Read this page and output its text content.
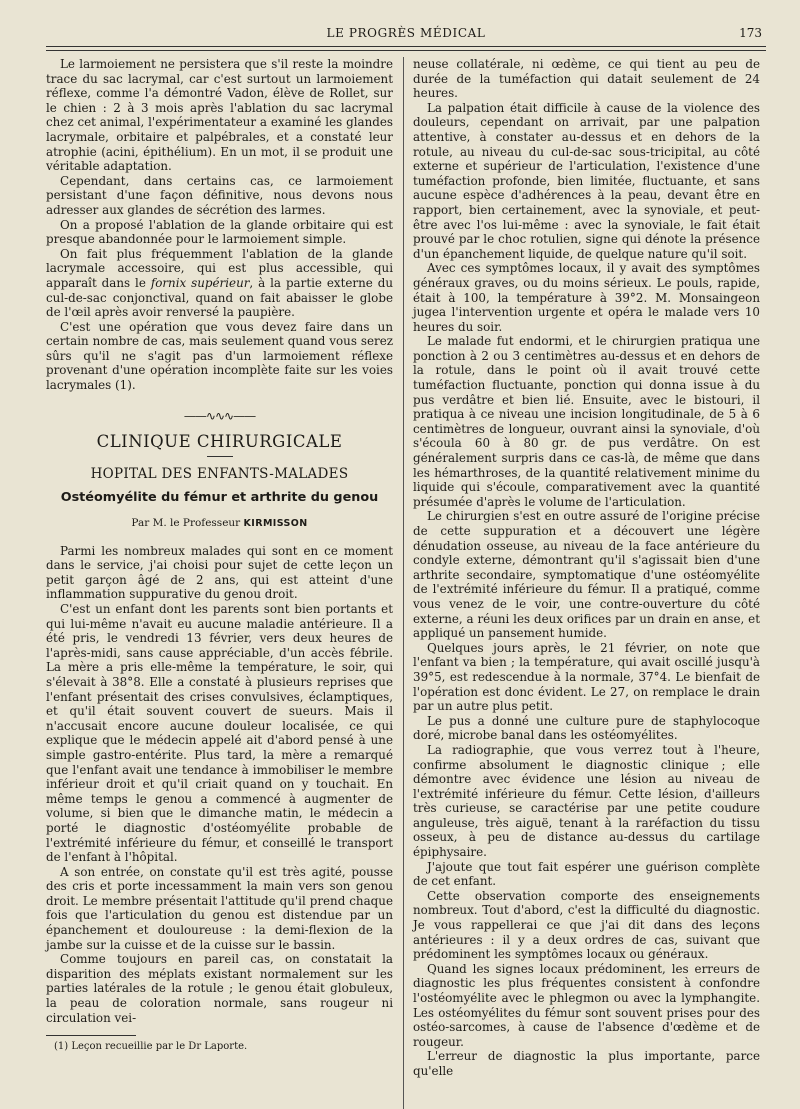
LE PROGRÈS MÉDICAL	173

Le larmoiement ne persistera que s'il reste la moindre trace du sac lacrymal, car c'est surtout un larmoiement réflexe, comme l'a démontré Vadon, élève de Rollet, sur le chien : 2 à 3 mois après l'ablation du sac lacrymal chez cet animal, l'expérimentateur a examiné les glandes lacrymale, orbitaire et palpébrales, et a constaté leur atrophie (acini, épithélium). En un mot, il se produit une véritable adaptation.

Cependant, dans certains cas, ce larmoiement persistant d'une façon définitive, nous devons nous adresser aux glandes de sécrétion des larmes.

On a proposé l'ablation de la glande orbitaire qui est presque abandonnée pour le larmoiement simple.

On fait plus fréquemment l'ablation de la glande lacrymale accessoire, qui est plus accessible, qui apparaît dans le fornix supérieur, à la partie externe du cul-de-sac conjonctival, quand on fait abaisser le globe de l'œil après avoir renversé la paupière.

C'est une opération que vous devez faire dans un certain nombre de cas, mais seulement quand vous serez sûrs qu'il ne s'agit pas d'un larmoiement réflexe provenant d'une opération incomplète faite sur les voies lacrymales (1).

——∿∿∿——
CLINIQUE CHIRURGICALE
HOPITAL DES ENFANTS-MALADES
Ostéomyélite du fémur et arthrite du genou
Par M. le Professeur KIRMISSON

Parmi les nombreux malades qui sont en ce moment dans le service, j'ai choisi pour sujet de cette leçon un petit garçon âgé de 2 ans, qui est atteint d'une inflammation suppurative du genou droit.

C'est un enfant dont les parents sont bien portants et qui lui-même n'avait eu aucune maladie antérieure. Il a été pris, le vendredi 13 février, vers deux heures de l'après-midi, sans cause appréciable, d'un accès fébrile. La mère a pris elle-même la température, le soir, qui s'élevait à 38°8. Elle a constaté à plusieurs reprises que l'enfant présentait des crises convulsives, éclamptiques, et qu'il était souvent couvert de sueurs. Mais il n'accusait encore aucune douleur localisée, ce qui explique que le médecin appelé ait d'abord pensé à une simple gastro-entérite. Plus tard, la mère a remarqué que l'enfant avait une tendance à immobiliser le membre inférieur droit et qu'il criait quand on y touchait. En même temps le genou a commencé à augmenter de volume, si bien que le dimanche matin, le médecin a porté le diagnostic d'ostéomyélite probable de l'extrémité inférieure du fémur, et conseillé le transport de l'enfant à l'hôpital.

A son entrée, on constate qu'il est très agité, pousse des cris et porte incessamment la main vers son genou droit. Le membre présentait l'attitude qu'il prend chaque fois que l'articulation du genou est distendue par un épanchement et douloureuse : la demi-flexion de la jambe sur la cuisse et de la cuisse sur le bassin.

Comme toujours en pareil cas, on constatait la disparition des méplats existant normalement sur les parties latérales de la rotule ; le genou était globuleux, la peau de coloration normale, sans rougeur ni circulation vei-

(1) Leçon recueillie par le Dr Laporte.

neuse collatérale, ni œdème, ce qui tient au peu de durée de la tuméfaction qui datait seulement de 24 heures.

La palpation était difficile à cause de la violence des douleurs, cependant on arrivait, par une palpation attentive, à constater au-dessus et en dehors de la rotule, au niveau du cul-de-sac sous-tricipital, au côté externe et supérieur de l'articulation, l'existence d'une tuméfaction profonde, bien limitée, fluctuante, et sans aucune espèce d'adhérences à la peau, devant être en rapport, bien certainement, avec la synoviale, et peut-être avec l'os lui-même : avec la synoviale, le fait était prouvé par le choc rotulien, signe qui dénote la présence d'un épanchement liquide, de quelque nature qu'il soit.

Avec ces symptômes locaux, il y avait des symptômes généraux graves, ou du moins sérieux. Le pouls, rapide, était à 100, la température à 39°2. M. Monsaingeon jugea l'intervention urgente et opéra le malade vers 10 heures du soir.

Le malade fut endormi, et le chirurgien pratiqua une ponction à 2 ou 3 centimètres au-dessus et en dehors de la rotule, dans le point où il avait trouvé cette tuméfaction fluctuante, ponction qui donna issue à du pus verdâtre et bien lié. Ensuite, avec le bistouri, il pratiqua à ce niveau une incision longitudinale, de 5 à 6 centimètres de longueur, ouvrant ainsi la synoviale, d'où s'écoula 60 à 80 gr. de pus verdâtre. On est généralement surpris dans ce cas-là, de même que dans les hémarthroses, de la quantité relativement minime du liquide qui s'écoule, comparativement avec la quantité présumée d'après le volume de l'articulation.

Le chirurgien s'est en outre assuré de l'origine précise de cette suppuration et a découvert une légère dénudation osseuse, au niveau de la face antérieure du condyle externe, démontrant qu'il s'agissait bien d'une arthrite secondaire, symptomatique d'une ostéomyélite de l'extrémité inférieure du fémur. Il a pratiqué, comme vous venez de le voir, une contre-ouverture du côté externe, a réuni les deux orifices par un drain en anse, et appliqué un pansement humide.

Quelques jours après, le 21 février, on note que l'enfant va bien ; la température, qui avait oscillé jusqu'à 39°5, est redescendue à la normale, 37°4. Le bienfait de l'opération est donc évident. Le 27, on remplace le drain par un autre plus petit.

Le pus a donné une culture pure de staphylocoque doré, microbe banal dans les ostéomyélites.

La radiographie, que vous verrez tout à l'heure, confirme absolument le diagnostic clinique ; elle démontre avec évidence une lésion au niveau de l'extrémité inférieure du fémur. Cette lésion, d'ailleurs très curieuse, se caractérise par une petite coudure anguleuse, très aiguë, tenant à la raréfaction du tissu osseux, à peu de distance au-dessus du cartilage épiphysaire.

J'ajoute que tout fait espérer une guérison complète de cet enfant.

Cette observation comporte des enseignements nombreux. Tout d'abord, c'est la difficulté du diagnostic. Je vous rappellerai ce que j'ai dit dans des leçons antérieures : il y a deux ordres de cas, suivant que prédominent les symptômes locaux ou généraux.

Quand les signes locaux prédominent, les erreurs de diagnostic les plus fréquentes consistent à confondre l'ostéomyélite avec le phlegmon ou avec la lymphangite. Les ostéomyélites du fémur sont souvent prises pour des ostéo-sarcomes, à cause de l'absence d'œdème et de rougeur.

L'erreur de diagnostic la plus importante, parce qu'elle
